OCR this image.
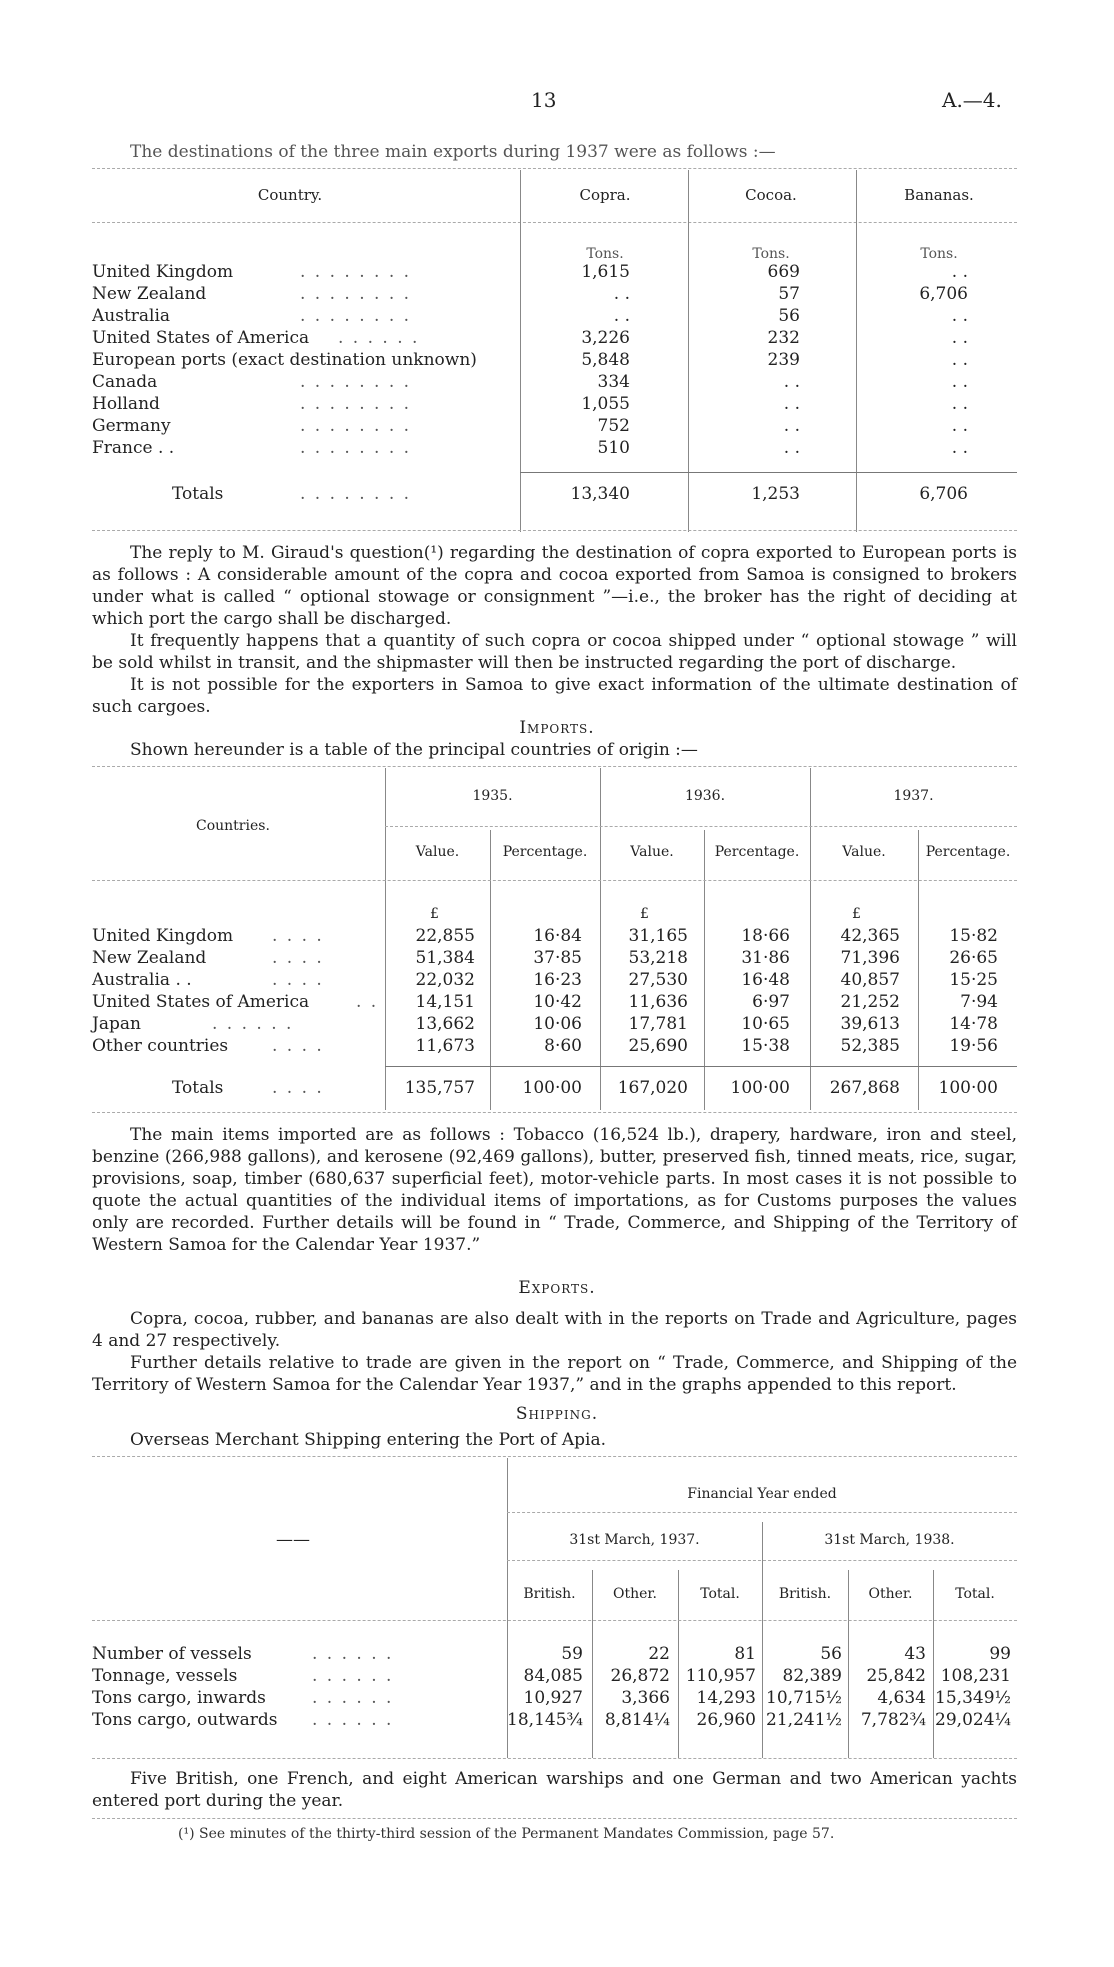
13	A.—4.
The destinations of the three main exports during 1937 were as follows :—
Country.	Copra.	Cocoa.	Bananas.
Tons.	Tons.	Tons.
United Kingdom	. . . . . . . .	1,615	669	. .
New Zealand	. . . . . . . .	. .	57	6,706
Australia	. . . . . . . .	. .	56	. .
United States of America . . . . . .	3,226	232	. .
European ports (exact destination unknown)	5,848	239	. .
Canada	. . . . . . . .	334	. .	. .
Holland	. . . . . . . .	1,055	. .	. .
Germany	. . . . . . . .	752	. .	. .
France . .	. . . . . . . .	510	. .	. .
Totals	. . . . . . . .	13,340	1,253	6,706
The reply to M. Giraud's question(¹) regarding the destination of copra exported to European ports is as follows : A considerable amount of the copra and cocoa exported from Samoa is consigned to brokers under what is called “ optional stowage or consignment ”—i.e., the broker has the right of deciding at which port the cargo shall be discharged.
It frequently happens that a quantity of such copra or cocoa shipped under “ optional stowage ” will be sold whilst in transit, and the shipmaster will then be instructed regarding the port of discharge.
It is not possible for the exporters in Samoa to give exact information of the ultimate destination of such cargoes.
Imports.
Shown hereunder is a table of the principal countries of origin :—
Countries.
1935.	1936.	1937.
Value.	Percentage.	Value.	Percentage.	Value.	Percentage.
£	£	£
United Kingdom . . . .	22,855	16·84	31,165	18·66	42,365	15·82
New Zealand	. . . .	51,384	37·85	53,218	31·86	71,396	26·65
Australia . .	. . . .	22,032	16·23	27,530	16·48	40,857	15·25
United States of America	. .	14,151	10·42	11,636	6·97	21,252	7·94
Japan	. . . . . .	13,662	10·06	17,781	10·65	39,613	14·78
Other countries	. . . .	11,673	8·60	25,690	15·38	52,385	19·56
Totals	. . . .	135,757	100·00	167,020	100·00	267,868	100·00
The main items imported are as follows : Tobacco (16,524 lb.), drapery, hardware, iron and steel, benzine (266,988 gallons), and kerosene (92,469 gallons), butter, preserved fish, tinned meats, rice, sugar, provisions, soap, timber (680,637 superficial feet), motor-vehicle parts. In most cases it is not possible to quote the actual quantities of the individual items of importations, as for Customs purposes the values only are recorded. Further details will be found in “ Trade, Commerce, and Shipping of the Territory of Western Samoa for the Calendar Year 1937.”
Exports.
Copra, cocoa, rubber, and bananas are also dealt with in the reports on Trade and Agriculture, pages 4 and 27 respectively.
Further details relative to trade are given in the report on “ Trade, Commerce, and Shipping of the Territory of Western Samoa for the Calendar Year 1937,” and in the graphs appended to this report.
Shipping.
Overseas Merchant Shipping entering the Port of Apia.
Financial Year ended
31st March, 1937.	31st March, 1938.
——
British.	Other.	Total.	British.	Other.	Total.
Number of vessels	. . . . . .	59	22	81	56	43	99
Tonnage, vessels	. . . . . .	84,085	26,872 110,957	82,389	25,842 108,231
Tons cargo, inwards	. . . . . .	10,927	3,366	14,293 10,715½	4,634 15,349½
Tons cargo, outwards . . . . . .	18,145¾	8,814¼	26,960 21,241½	7,782¾ 29,024¼
Five British, one French, and eight American warships and one German and two American yachts entered port during the year.
(¹) See minutes of the thirty-third session of the Permanent Mandates Commission, page 57.
